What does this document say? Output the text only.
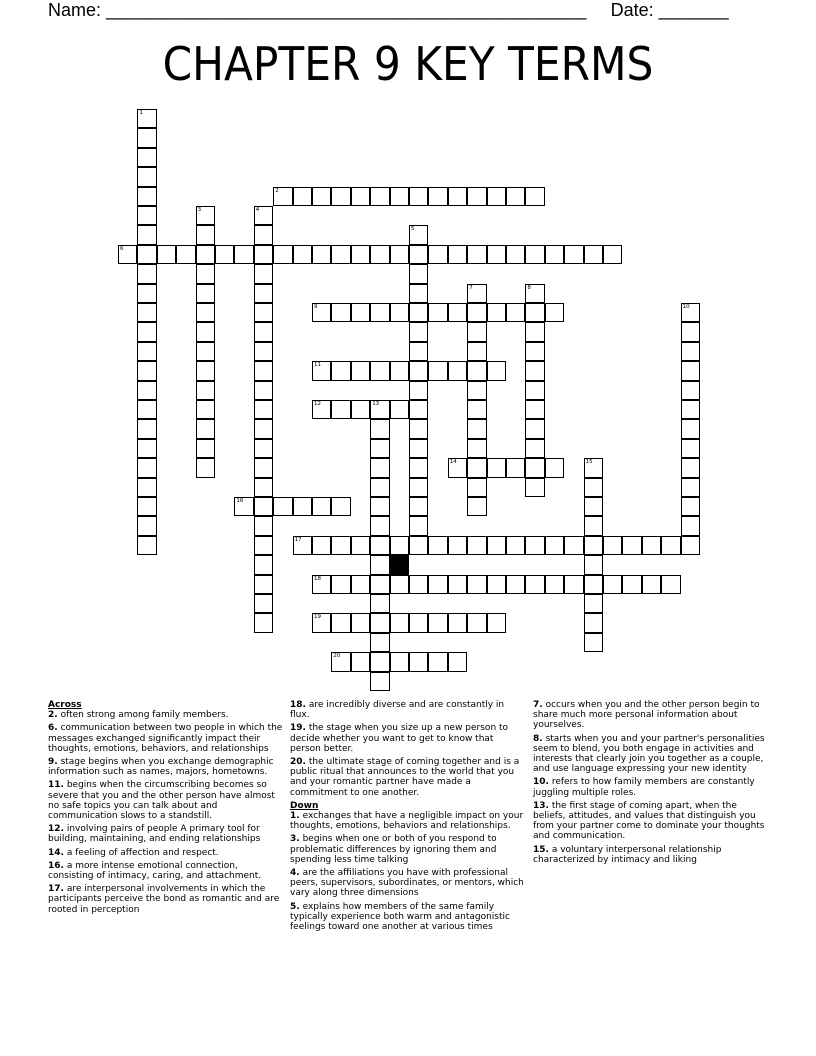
Name: ________________________________________________ Date: _______
CHAPTER 9 KEY TERMS
1
2
3	4
5
6
7	8
9	10
11
12	13
14	15
16
17
18
19
20
Across
2. often strong among family members.
6. communication between two people in which the messages exchanged significantly impact their thoughts, emotions, behaviors, and relationships
9. stage begins when you exchange demographic information such as names, majors, hometowns.
11. begins when the circumscribing becomes so severe that you and the other person have almost no safe topics you can talk about and communication slows to a standstill.
12. involving pairs of people A primary tool for building, maintaining, and ending relationships
14. a feeling of affection and respect.
16. a more intense emotional connection, consisting of intimacy, caring, and attachment.
17. are interpersonal involvements in which the participants perceive the bond as romantic and are rooted in perception
18. are incredibly diverse and are constantly in flux.
19. the stage when you size up a new person to decide whether you want to get to know that person better.
20. the ultimate stage of coming together and is a public ritual that announces to the world that you and your romantic partner have made a commitment to one another.
Down
1. exchanges that have a negligible impact on your thoughts, emotions, behaviors and relationships.
3. begins when one or both of you respond to problematic differences by ignoring them and spending less time talking
4. are the affiliations you have with professional peers, supervisors, subordinates, or mentors, which vary along three dimensions
5. explains how members of the same family typically experience both warm and antagonistic feelings toward one another at various times
7. occurs when you and the other person begin to share much more personal information about yourselves.
8. starts when you and your partner's personalities seem to blend, you both engage in activities and interests that clearly join you together as a couple, and use language expressing your new identity
10. refers to how family members are constantly juggling multiple roles.
13. the first stage of coming apart, when the beliefs, attitudes, and values that distinguish you from your partner come to dominate your thoughts and communication.
15. a voluntary interpersonal relationship characterized by intimacy and liking
